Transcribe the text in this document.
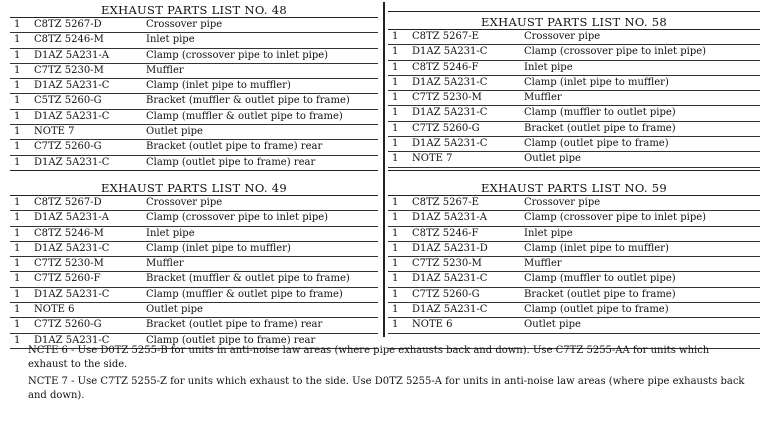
EXHAUST PARTS LIST NO. 48
1 C8TZ 5267-D	Crossover pipe
1 C8TZ 5246-M	Inlet pipe
1 D1AZ 5A231-A	Clamp (crossover pipe to inlet pipe)
1 C7TZ 5230-M	Muffler
1 D1AZ 5A231-C	Clamp (inlet pipe to muffler)
1 C5TZ 5260-G	Bracket (muffler & outlet pipe to frame)
1 D1AZ 5A231-C	Clamp (muffler & outlet pipe to frame)
1 NOTE 7	Outlet pipe
1 C7TZ 5260-G	Bracket (outlet pipe to frame) rear
1 D1AZ 5A231-C	Clamp (outlet pipe to frame) rear
EXHAUST PARTS LIST NO. 58
1 C8TZ 5267-E	Crossover pipe
1 D1AZ 5A231-C	Clamp (crossover pipe to inlet pipe)
1 C8TZ 5246-F	Inlet pipe
1 D1AZ 5A231-C	Clamp (inlet pipe to muffler)
1 C7TZ 5230-M	Muffler
1 D1AZ 5A231-C	Clamp (muffler to outlet pipe)
1 C7TZ 5260-G	Bracket (outlet pipe to frame)
1 D1AZ 5A231-C	Clamp (outlet pipe to frame)
1 NOTE 7	Outlet pipe
EXHAUST PARTS LIST NO. 49
1 C8TZ 5267-D	Crossover pipe
1 D1AZ 5A231-A	Clamp (crossover pipe to inlet pipe)
1 C8TZ 5246-M	Inlet pipe
1 D1AZ 5A231-C	Clamp (inlet pipe to muffler)
1 C7TZ 5230-M	Muffler
1 C7TZ 5260-F	Bracket (muffler & outlet pipe to frame)
1 D1AZ 5A231-C	Clamp (muffler & outlet pipe to frame)
1 NOTE 6	Outlet pipe
1 C7TZ 5260-G	Bracket (outlet pipe to frame) rear
1 D1AZ 5A231-C	Clamp (outlet pipe to frame) rear
EXHAUST PARTS LIST NO. 59
1 C8TZ 5267-E	Crossover pipe
1 D1AZ 5A231-A	Clamp (crossover pipe to inlet pipe)
1 C8TZ 5246-F	Inlet pipe
1 D1AZ 5A231-D	Clamp (inlet pipe to muffler)
1 C7TZ 5230-M	Muffler
1 D1AZ 5A231-C	Clamp (muffler to outlet pipe)
1 C7TZ 5260-G	Bracket (outlet pipe to frame)
1 D1AZ 5A231-C	Clamp (outlet pipe to frame)
1 NOTE 6	Outlet pipe
NCTE 6 - Use D0TZ 5255-B for units in anti-noise law areas (where pipe exhausts back and down). Use C7TZ 5255-AA for units which exhaust to the side.
NCTE 7 - Use C7TZ 5255-Z for units which exhaust to the side. Use D0TZ 5255-A for units in anti-noise law areas (where pipe exhausts back and down).
